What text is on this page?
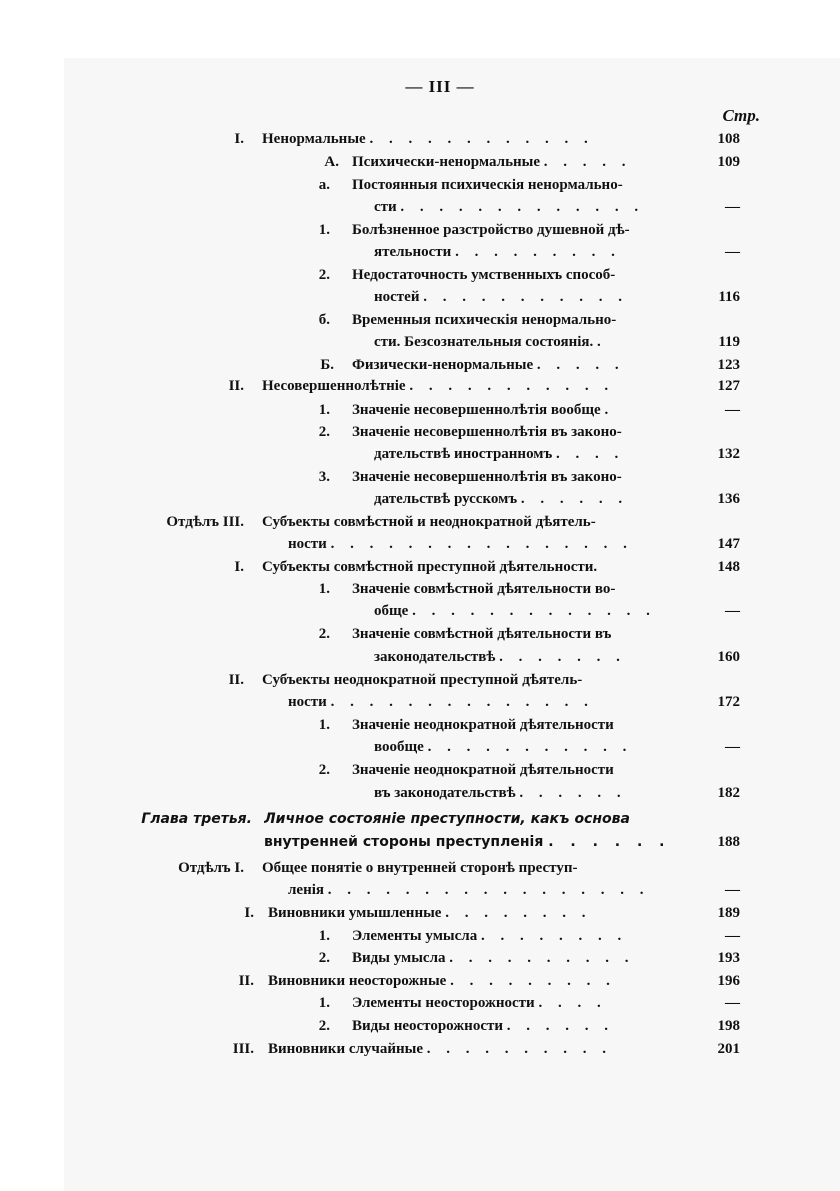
— III —
Стр.
I. Ненормальные . . . . . . . . . . . .	108
А. Психически-ненормальные . . . . .	109
а. Постоянныя психическія ненормально-
сти . . . . . . . . . . . . .	—
1. Болѣзненное разстройство душевной дѣ-
ятельности . . . . . . . . .	—
2. Недостаточность умственныхъ способ-
ностей . . . . . . . . . . .	116
б. Временныя психическія ненормально-
сти. Безсознательныя состоянія. .	119
Б. Физически-ненормальные . . . . .	123
II. Несовершеннолѣтніе . . . . . . . . . . .	127
1. Значеніе несовершеннолѣтія вообще .	—
2. Значеніе несовершеннолѣтія въ законо-
дательствѣ иностранномъ . . . .	132
3. Значеніе несовершеннолѣтія въ законо-
дательствѣ русскомъ . . . . . .	136
Отдѣлъ III. Субъекты совмѣстной и неоднократной дѣятель-
ности . . . . . . . . . . . . . . . .	147
I. Субъекты совмѣстной преступной дѣятельности.	148
1. Значеніе совмѣстной дѣятельности во-
обще . . . . . . . . . . . . .	—
2. Значеніе совмѣстной дѣятельности въ
законодательствѣ . . . . . . .	160
II. Субъекты неоднократной преступной дѣятель-
ности . . . . . . . . . . . . . .	172
1. Значеніе неоднократной дѣятельности
вообще . . . . . . . . . . .	—
2. Значеніе неоднократной дѣятельности
въ законодательствѣ . . . . . .	182
Глава третья. Личное состояніе преступности, какъ основа
внутренней стороны преступленія . . . . . .	188
Отдѣлъ I. Общее понятіе о внутренней сторонѣ преступ-
ленія . . . . . . . . . . . . . . . . .	—
I. Виновники умышленные . . . . . . . .	189
1. Элементы умысла . . . . . . . .	—
2. Виды умысла . . . . . . . . . .	193
II. Виновники неосторожные . . . . . . . . .	196
1. Элементы неосторожности . . . .	—
2. Виды неосторожности . . . . . .	198
III. Виновники случайные . . . . . . . . . .	201
